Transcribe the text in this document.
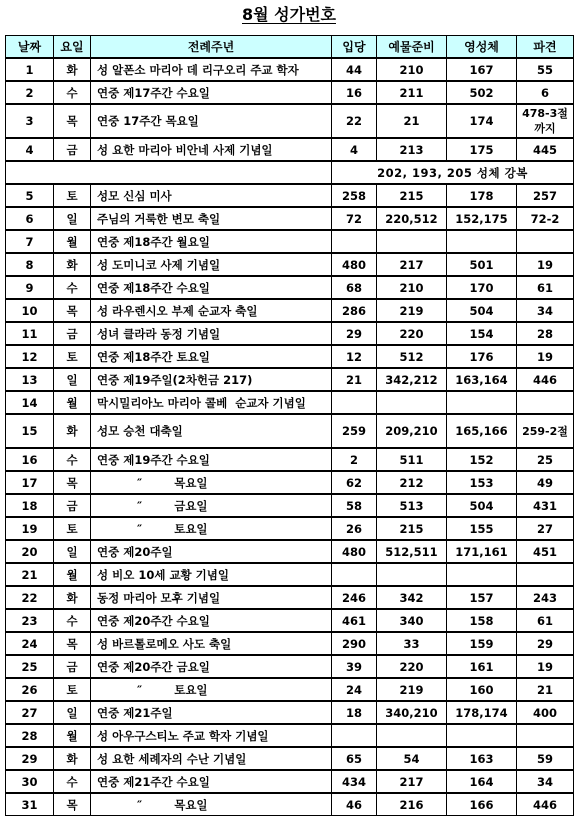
8월 성가번호
날짜	요일	전례주년	입당	예물준비	영성체	파견
1	화	성 알폰소 마리아 데 리구오리 주교 학자	44	210	167	55
2	수	연중 제17주간 수요일	16	211	502	6
3	목	연중 17주간 목요일	22	21	174	478-3절까지
4	금	성 요한 마리아 비안네 사제 기념일	4	213	175	445
			202, 193, 205 성체 강복			
5	토	성모 신심 미사	258	215	178	257
6	일	주님의 거룩한 변모 축일	72	220,512	152,175	72-2
7	월	연중 제18주간 월요일				
8	화	성 도미니코 사제 기념일	480	217	501	19
9	수	연중 제18주간 수요일	68	210	170	61
10	목	성 라우렌시오 부제 순교자 축일	286	219	504	34
11	금	성녀 클라라 동정 기념일	29	220	154	28
12	토	연중 제18주간 토요일	12	512	176	19
13	일	연중 제19주일(2차헌금 217)	21	342,212	163,164	446
14	월	막시밀리아노 마리아 콜베  순교자 기념일				
15	화	성모 승천 대축일	259	209,210	165,166	259-2절
16	수	연중 제19주간 수요일	2	511	152	25
17	목	″        목요일	62	212	153	49
18	금	″        금요일	58	513	504	431
19	토	″        토요일	26	215	155	27
20	일	연중 제20주일	480	512,511	171,161	451
21	월	성 비오 10세 교황 기념일				
22	화	동정 마리아 모후 기념일	246	342	157	243
23	수	연중 제20주간 수요일	461	340	158	61
24	목	성 바르톨로메오 사도 축일	290	33	159	29
25	금	연중 제20주간 금요일	39	220	161	19
26	토	″        토요일	24	219	160	21
27	일	연중 제21주일	18	340,210	178,174	400
28	월	성 아우구스티노 주교 학자 기념일				
29	화	성 요한 세례자의 수난 기념일	65	54	163	59
30	수	연중 제21주간 수요일	434	217	164	34
31	목	″        목요일	46	216	166	446
